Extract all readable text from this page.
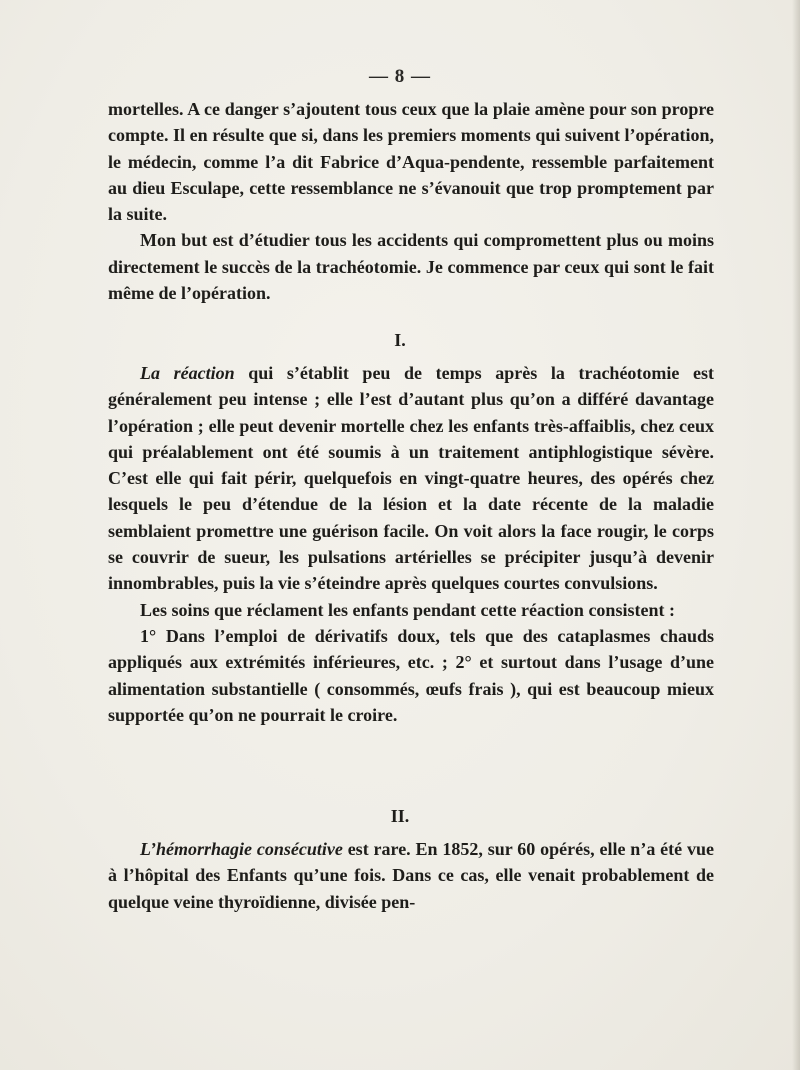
— 8 —

mortelles. A ce danger s’ajoutent tous ceux que la plaie amène pour son propre compte. Il en résulte que si, dans les premiers moments qui suivent l’opération, le médecin, comme l’a dit Fabrice d’Aqua-pendente, ressemble parfaitement au dieu Esculape, cette ressemblance ne s’évanouit que trop promptement par la suite.

Mon but est d’étudier tous les accidents qui compromettent plus ou moins directement le succès de la trachéotomie. Je commence par ceux qui sont le fait même de l’opération.

I.

La réaction qui s’établit peu de temps après la trachéotomie est généralement peu intense ; elle l’est d’autant plus qu’on a différé davantage l’opération ; elle peut devenir mortelle chez les enfants très-affaiblis, chez ceux qui préalablement ont été soumis à un traitement antiphlogistique sévère. C’est elle qui fait périr, quelquefois en vingt-quatre heures, des opérés chez lesquels le peu d’étendue de la lésion et la date récente de la maladie semblaient promettre une guérison facile. On voit alors la face rougir, le corps se couvrir de sueur, les pulsations artérielles se précipiter jusqu’à devenir innombrables, puis la vie s’éteindre après quelques courtes convulsions.

Les soins que réclament les enfants pendant cette réaction consistent :

1° Dans l’emploi de dérivatifs doux, tels que des cataplasmes chauds appliqués aux extrémités inférieures, etc. ; 2° et surtout dans l’usage d’une alimentation substantielle ( consommés, œufs frais ), qui est beaucoup mieux supportée qu’on ne pourrait le croire.

II.

L’hémorrhagie consécutive est rare. En 1852, sur 60 opérés, elle n’a été vue à l’hôpital des Enfants qu’une fois. Dans ce cas, elle venait probablement de quelque veine thyroïdienne, divisée pen-
